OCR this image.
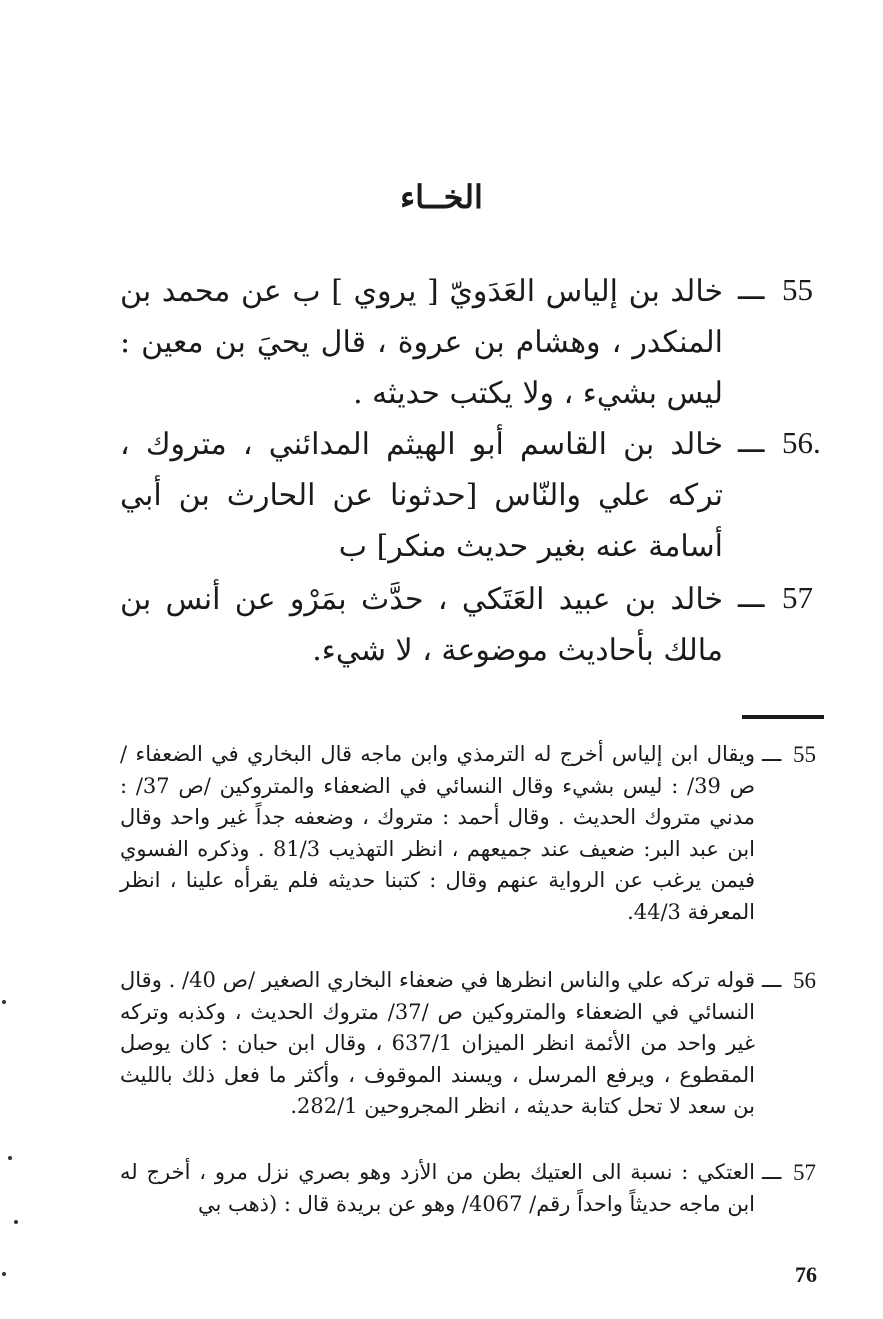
الخــاء
55
ـــ
خالد بن إلياس العَدَويّ [ يروي ] ب عن محمد بن المنكدر ، وهشام بن عروة ، قال يحيَ بن معين : ليس بشيء ، ولا يكتب حديثه .
56.
ـــ
خالد بن القاسم أبو الهيثم المدائني ، متروك ، تركه علي والنّاس [حدثونا عن الحارث بن أبي أسامة عنه بغير حديث منكر] ب
57
ـــ
خالد بن عبيد العَتَكي ، حدَّث بمَرْو عن أنس بن مالك بأحاديث موضوعة ، لا شيء.
55
ـــ
ويقال ابن إلياس أخرج له الترمذي وابن ماجه قال البخاري في الضعفاء /ص 39/ : ليس بشيء وقال النسائي في الضعفاء والمتروكين /ص 37/ : مدني متروك الحديث . وقال أحمد : متروك ، وضعفه جداً غير واحد وقال ابن عبد البر: ضعيف عند جميعهم ، انظر التهذيب 81/3 . وذكره الفسوي فيمن يرغب عن الرواية عنهم وقال : كتبنا حديثه فلم يقرأه علينا ، انظر المعرفة 44/3.
56
ـــ
قوله تركه علي والناس انظرها في ضعفاء البخاري الصغير /ص 40/ . وقال النسائي في الضعفاء والمتروكين ص /37/ متروك الحديث ، وكذبه وتركه غير واحد من الأئمة انظر الميزان 637/1 ، وقال ابن حبان : كان يوصل المقطوع ، ويرفع المرسل ، ويسند الموقوف ، وأكثر ما فعل ذلك بالليث بن سعد لا تحل كتابة حديثه ، انظر المجروحين 282/1.
57
ـــ
العتكي : نسبة الى العتيك بطن من الأزد وهو بصري نزل مرو ، أخرج له ابن ماجه حديثاً واحداً رقم/ 4067/ وهو عن بريدة قال : (ذهب بي
76
